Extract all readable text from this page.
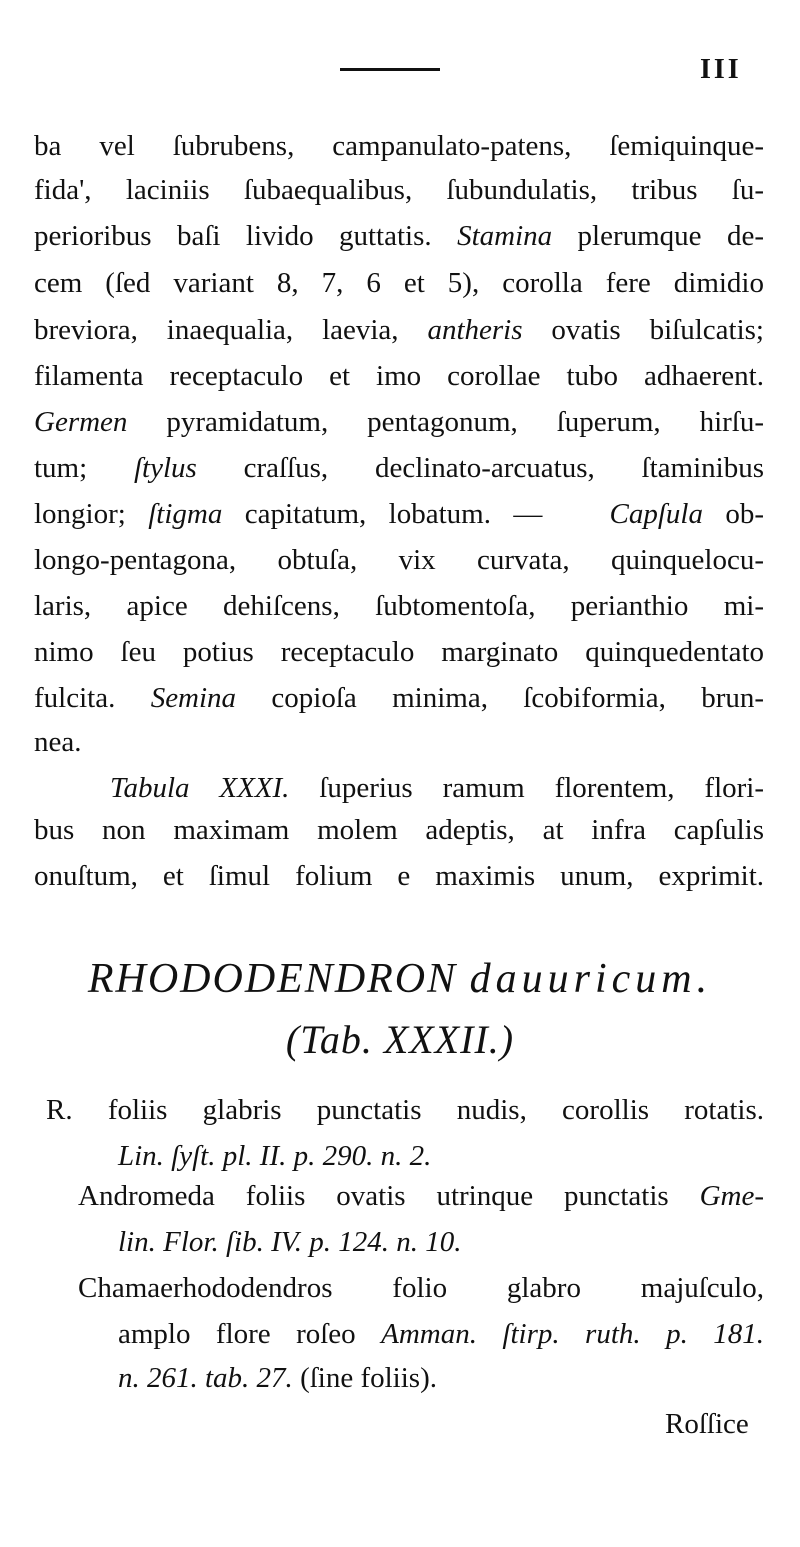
III
ba vel ſubrubens, campanulato-patens, ſemiquinque-
fida', laciniis ſubaequalibus, ſubundulatis, tribus ſu-
perioribus baſi livido guttatis. Stamina plerumque de-
cem (ſed variant 8, 7, 6 et 5), corolla fere dimidio
breviora, inaequalia, laevia, antheris ovatis biſulcatis;
filamenta receptaculo et imo corollae tubo adhaerent.
Germen pyramidatum, pentagonum, ſuperum, hirſu-
tum; ſtylus craſſus, declinato-arcuatus, ſtaminibus
longior; ſtigma capitatum, lobatum. — Capſula ob-
longo-pentagona, obtuſa, vix curvata, quinquelocu-
laris, apice dehiſcens, ſubtomentoſa, perianthio mi-
nimo ſeu potius receptaculo marginato quinquedentato
fulcita. Semina copioſa minima, ſcobiformia, brun-
nea.
Tabula XXXI. ſuperius ramum florentem, flori-
bus non maximam molem adeptis, at infra capſulis
onuſtum, et ſimul folium e maximis unum, exprimit.
RHODODENDRON dauuricum.
(Tab. XXXII.)
R. foliis glabris punctatis nudis, corollis rotatis.
Lin. ſyſt. pl. II. p. 290. n. 2.
Andromeda foliis ovatis utrinque punctatis Gme-
lin. Flor. ſib. IV. p. 124. n. 10.
Chamaerhododendros folio glabro majuſculo,
amplo flore roſeo Amman. ſtirp. ruth. p. 181.
n. 261. tab. 27. (ſine foliis).
Roſſice
